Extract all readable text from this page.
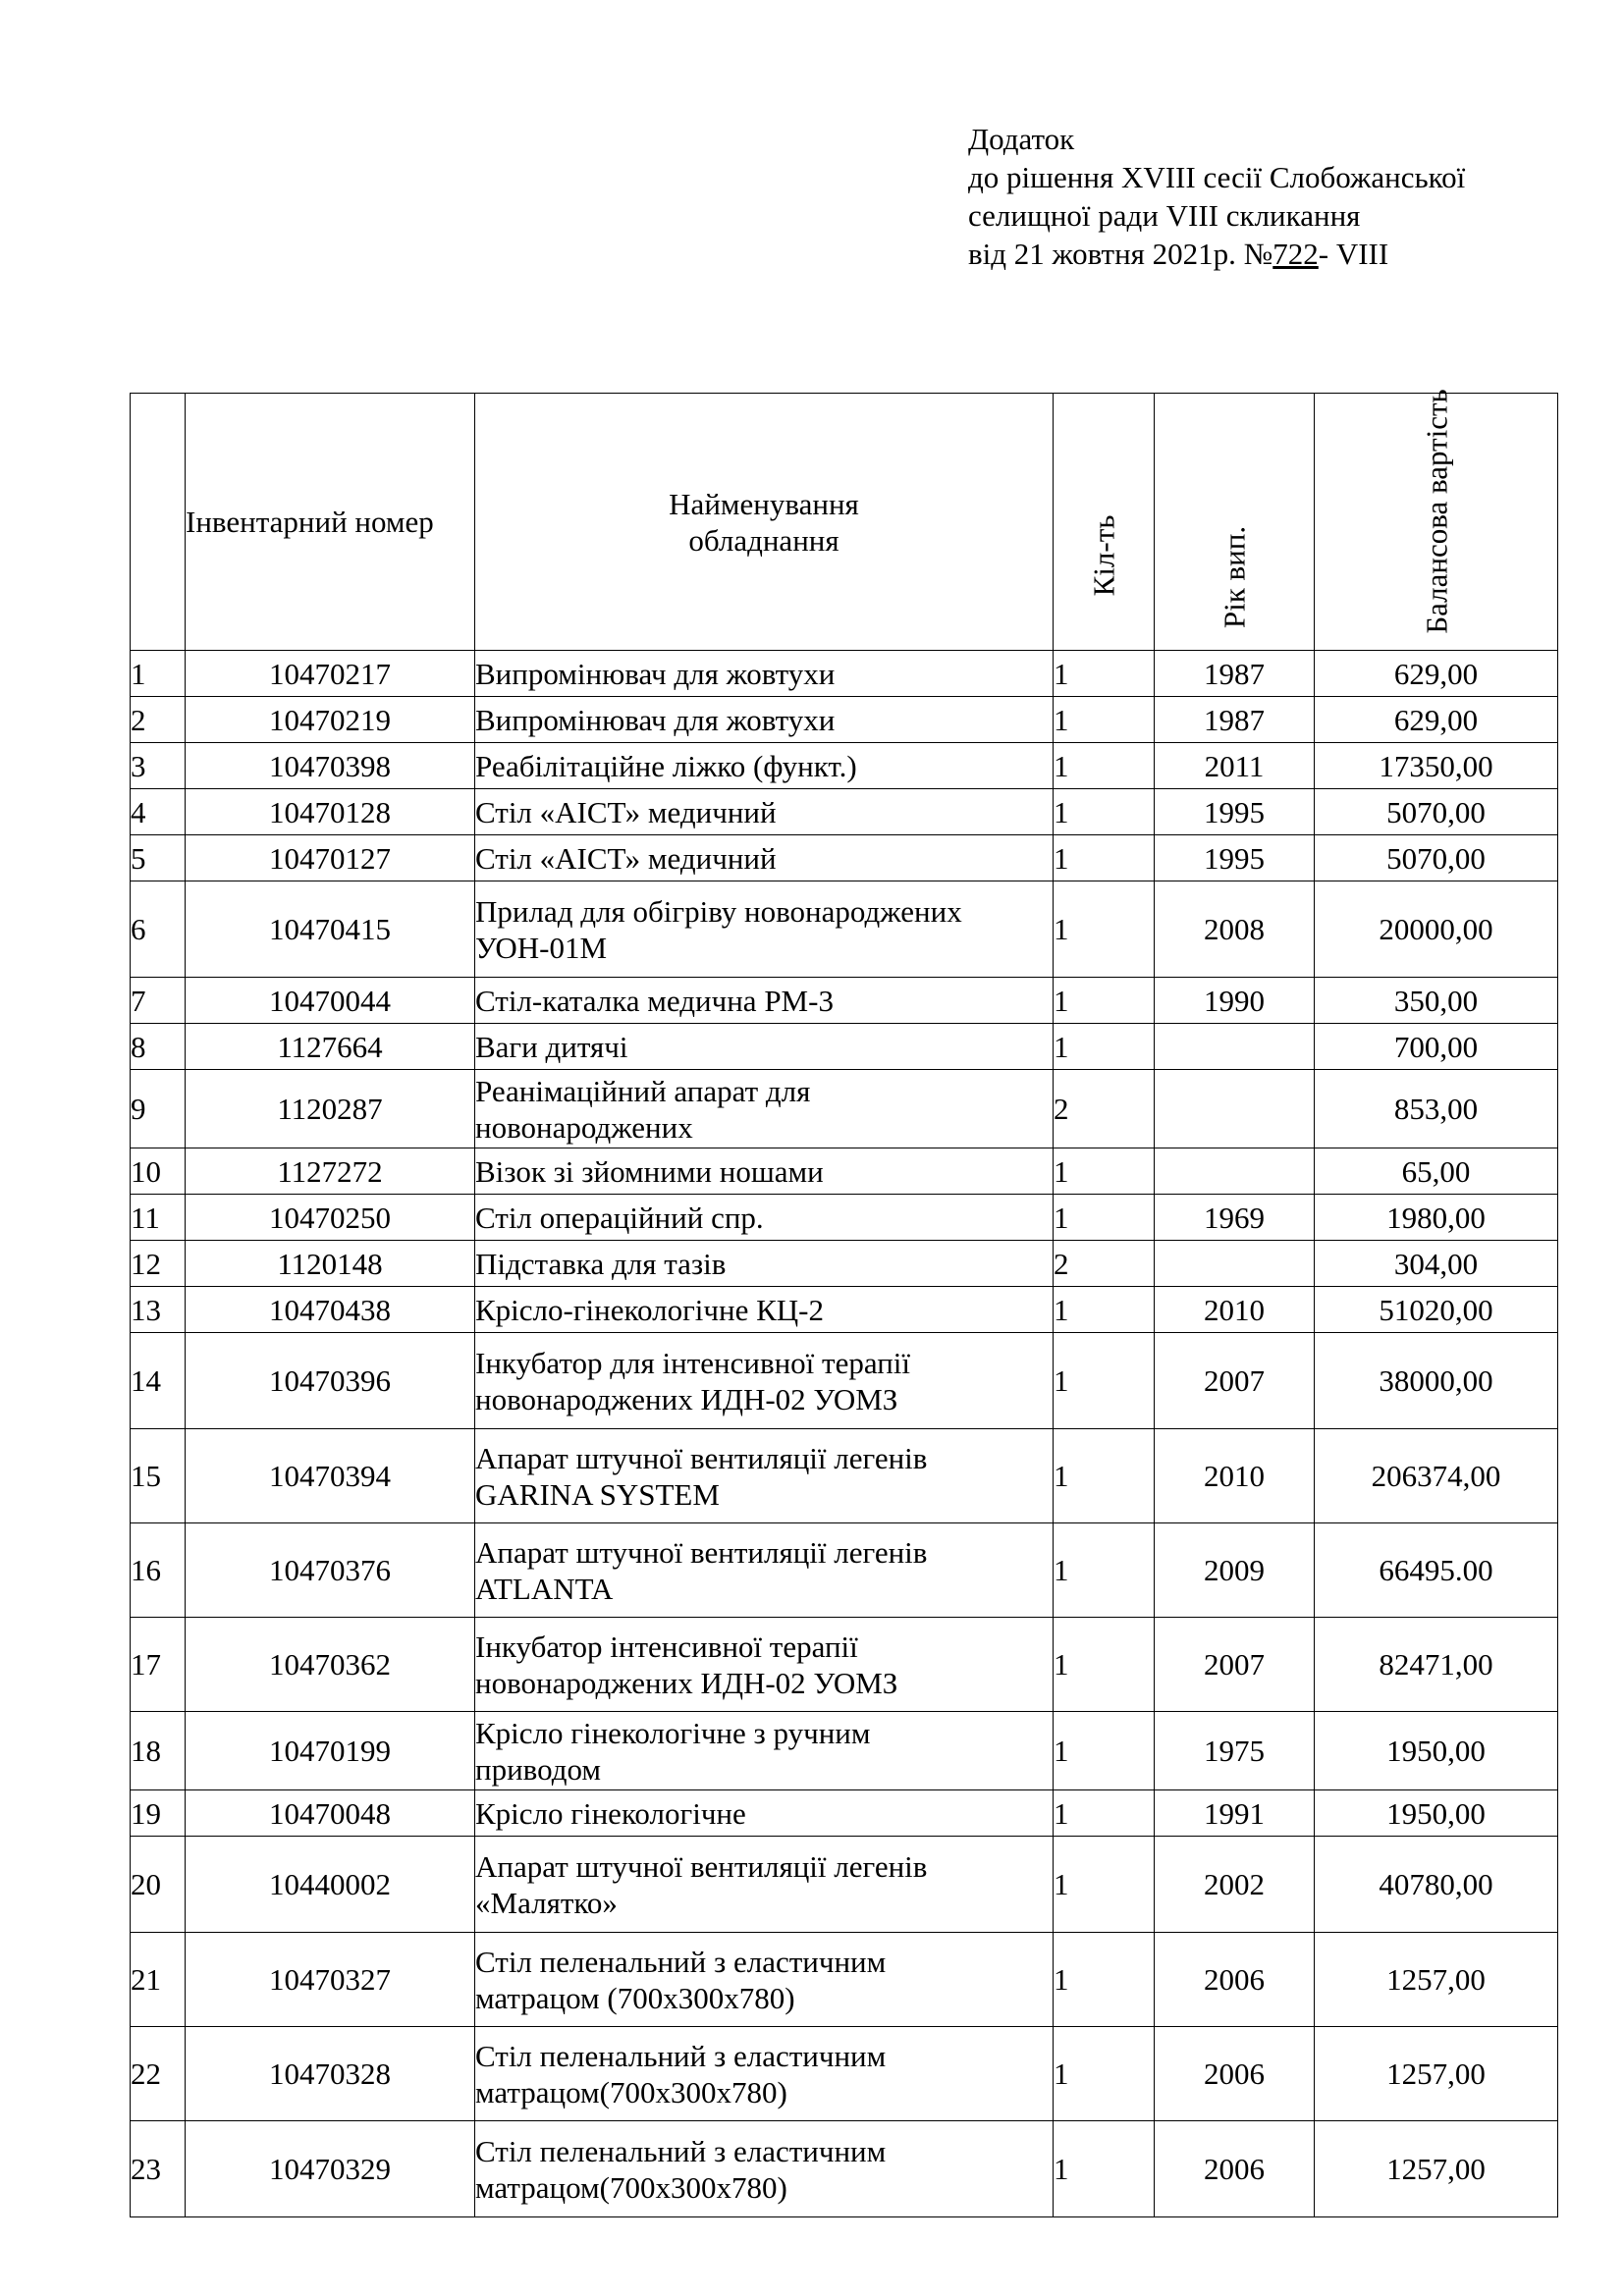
Додаток
до рішення XVIII сесії Слобожанської
селищної ради VIII скликання
від 21 жовтня 2021р. №722- VIII
	Інвентарний номер	Найменування
обладнання	Кіл-ть	Рік вип.	Балансова вартість

1	10470217	Випромінювач для жовтухи	1	1987	629,00
2	10470219	Випромінювач для жовтухи	1	1987	629,00
3	10470398	Реабілітаційне ліжко (функт.)	1	2011	17350,00
4	10470128	Стіл «АІСТ» медичний	1	1995	5070,00
5	10470127	Стіл «АІСТ» медичний	1	1995	5070,00
6	10470415	Прилад для обігріву новонароджених
УОН-01М	1	2008	20000,00
7	10470044	Стіл-каталка медична РМ-3	1	1990	350,00
8	1127664	Ваги дитячі	1		700,00
9	1120287	Реанімаційний апарат для
новонароджених	2		853,00
10	1127272	Візок зі зйомними ношами	1		65,00
11	10470250	Стіл операційний спр.	1	1969	1980,00
12	1120148	Підставка для тазів	2		304,00
13	10470438	Крісло-гінекологічне КЦ-2	1	2010	51020,00
14	10470396	Інкубатор для інтенсивної терапії
новонароджених ИДН-02 УОМЗ	1	2007	38000,00
15	10470394	Апарат штучної вентиляції легенів
GARINA SYSTEM	1	2010	206374,00
16	10470376	Апарат штучної вентиляції легенів
ATLANTA	1	2009	66495.00
17	10470362	Інкубатор інтенсивної терапії
новонароджених ИДН-02 УОМЗ	1	2007	82471,00
18	10470199	Крісло гінекологічне з ручним
приводом	1	1975	1950,00
19	10470048	Крісло гінекологічне	1	1991	1950,00
20	10440002	Апарат штучної вентиляції легенів
«Малятко»	1	2002	40780,00
21	10470327	Стіл пеленальний з еластичним
матрацом (700х300х780)	1	2006	1257,00
22	10470328	Стіл пеленальний з еластичним
матрацом(700х300х780)	1	2006	1257,00
23	10470329	Стіл пеленальний з еластичним
матрацом(700х300х780)	1	2006	1257,00
